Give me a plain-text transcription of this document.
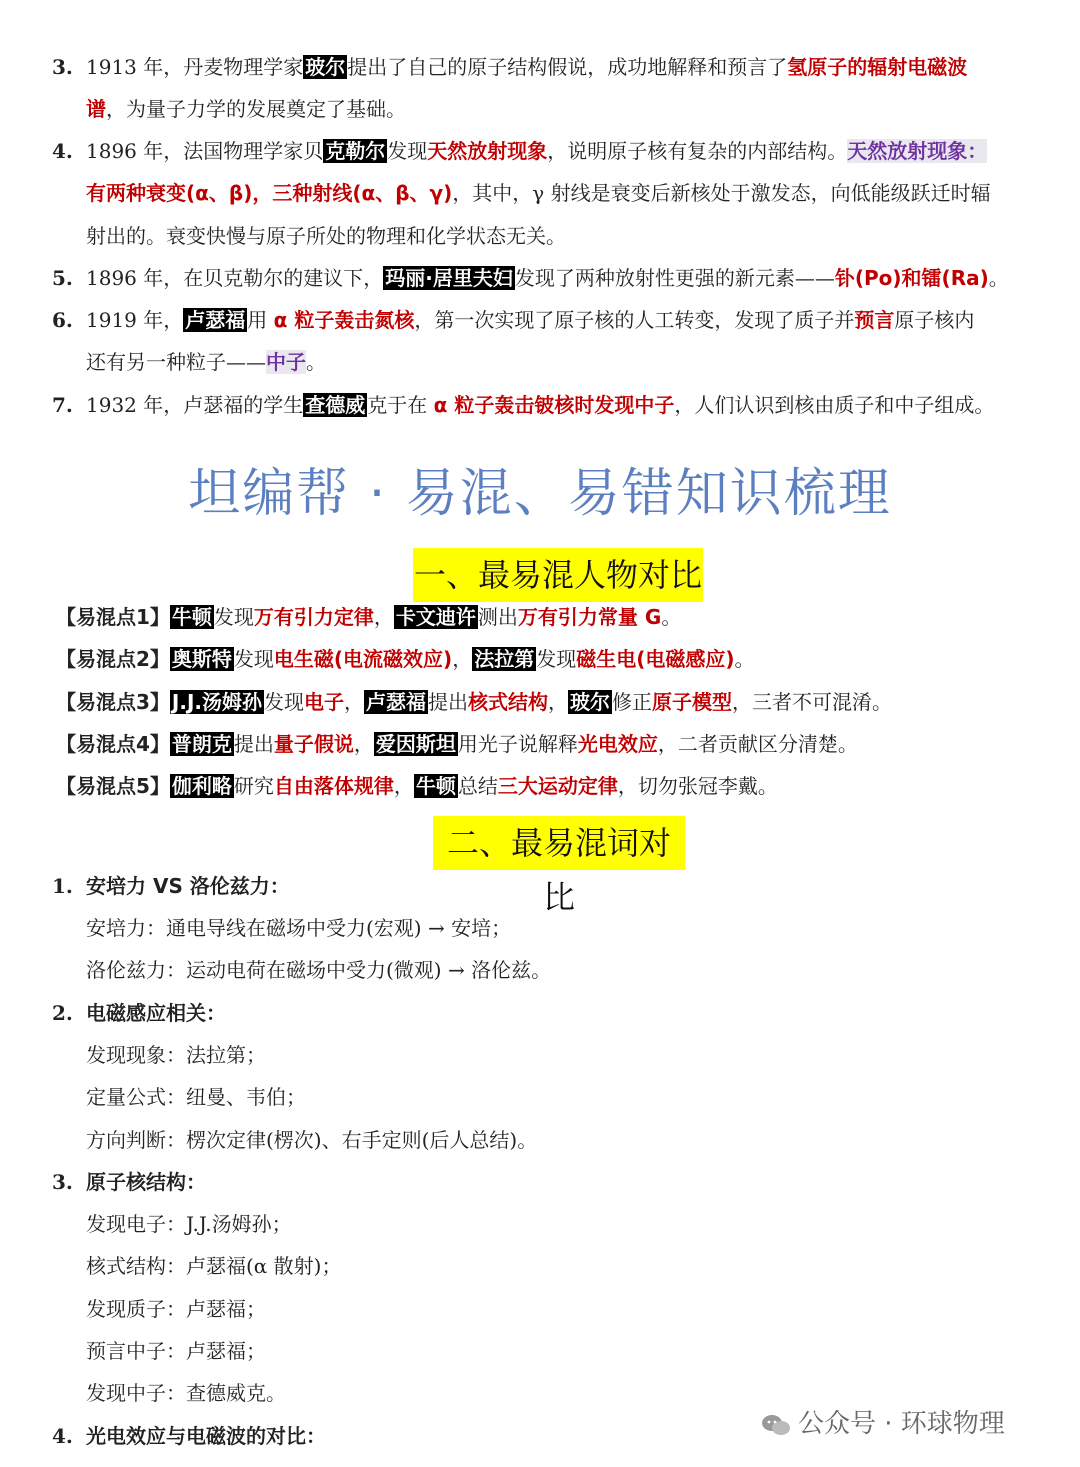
3. 1913 年，丹麦物理学家 玻尔 提出了自己的原子结构假说，成功地解释和预言了氢原子的辐射电磁波
谱，为量子力学的发展奠定了基础。
4. 1896 年，法国物理学家贝 克勒尔 发现天然放射现象，说明原子核有复杂的内部结构。天然放射现象：
有两种衰变(α、β)，三种射线(α、β、γ)，其中，γ 射线是衰变后新核处于激发态，向低能级跃迁时辐
射出的。衰变快慢与原子所处的物理和化学状态无关。
5. 1896 年，在贝克勒尔的建议下， 玛丽·居里夫妇 发现了两种放射性更强的新元素——钋(Po)和镭(Ra)。
6. 1919 年， 卢瑟福 用 α 粒子轰击氮核，第一次实现了原子核的人工转变，发现了质子并预言原子核内
还有另一种粒子——中子。
7. 1932 年，卢瑟福的学生 查德威 克于在 α 粒子轰击铍核时发现中子，人们认识到核由质子和中子组成。
坦编帮 · 易混、易错知识梳理
一、最易混人物对比
【易混点1】 牛顿 发现万有引力定律， 卡文迪许 测出万有引力常量 G。
【易混点2】 奥斯特 发现电生磁(电流磁效应)， 法拉第 发现磁生电(电磁感应)。
【易混点3】 J.J.汤姆孙 发现电子， 卢瑟福 提出核式结构， 玻尔 修正原子模型，三者不可混淆。
【易混点4】 普朗克 提出量子假说， 爱因斯坦 用光子说解释光电效应，二者贡献区分清楚。
【易混点5】 伽利略 研究自由落体规律， 牛顿 总结三大运动定律，切勿张冠李戴。
二、最易混词对比
1. 安培力 VS 洛伦兹力：
安培力：通电导线在磁场中受力(宏观) → 安培；
洛伦兹力：运动电荷在磁场中受力(微观) → 洛伦兹。
2. 电磁感应相关：
发现现象：法拉第；
定量公式：纽曼、韦伯；
方向判断：楞次定律(楞次)、右手定则(后人总结)。
3. 原子核结构：
发现电子：J.J.汤姆孙；
核式结构：卢瑟福(α 散射)；
发现质子：卢瑟福；
预言中子：卢瑟福；
发现中子：查德威克。
4. 光电效应与电磁波的对比：	公众号 · 环球物理
